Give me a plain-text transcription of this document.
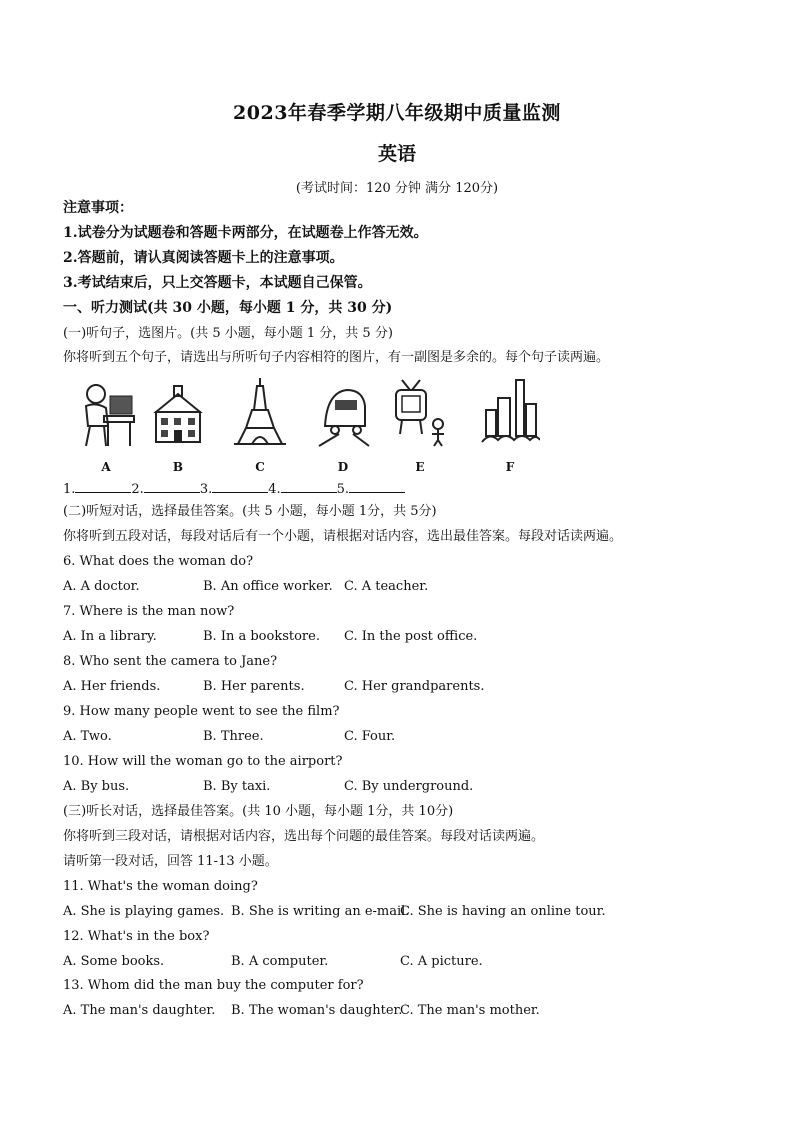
2023年春季学期八年级期中质量监测
英语
(考试时间：120 分钟 满分 120分)
注意事项：
1.试卷分为试题卷和答题卡两部分，在试题卷上作答无效。
2.答题前，请认真阅读答题卡上的注意事项。
3.考试结束后，只上交答题卡，本试题自己保管。
一、听力测试(共 30 小题，每小题 1 分，共 30 分)
(一)听句子，选图片。(共 5 小题，每小题 1 分，共 5 分)
你将听到五个句子，请选出与所听句子内容相符的图片，有一副图是多余的。每个句子读两遍。
A	B	C	D	E	F
1.	2.	3.	4.	5.
(二)听短对话，选择最佳答案。(共 5 小题，每小题 1分，共 5分)
你将听到五段对话，每段对话后有一个小题，请根据对话内容，选出最佳答案。每段对话读两遍。
6. What does the woman do?
A. A doctor.	B. An office worker. C. A teacher.
7. Where is the man now?
A. In a library.	B. In a bookstore. C. In the post office.
8. Who sent the camera to Jane?
A. Her friends.	B. Her parents.	C. Her grandparents.
9. How many people went to see the film?
A. Two.	B. Three.	C. Four.
10. How will the woman go to the airport?
A. By bus.	B. By taxi.	C. By underground.
(三)听长对话，选择最佳答案。(共 10 小题，每小题 1分，共 10分)
你将听到三段对话，请根据对话内容，选出每个问题的最佳答案。每段对话读两遍。
请听第一段对话，回答 11-13 小题。
11. What's the woman doing?
A. She is playing games. B. She is writing an e-mail.
C. She is having an online tour.
12. What's in the box?
A. Some books.	B. A computer.	C. A picture.
13. Whom did the man buy the computer for?
A. The man's daughter. B. The woman's daughter.
C. The man's mother.
